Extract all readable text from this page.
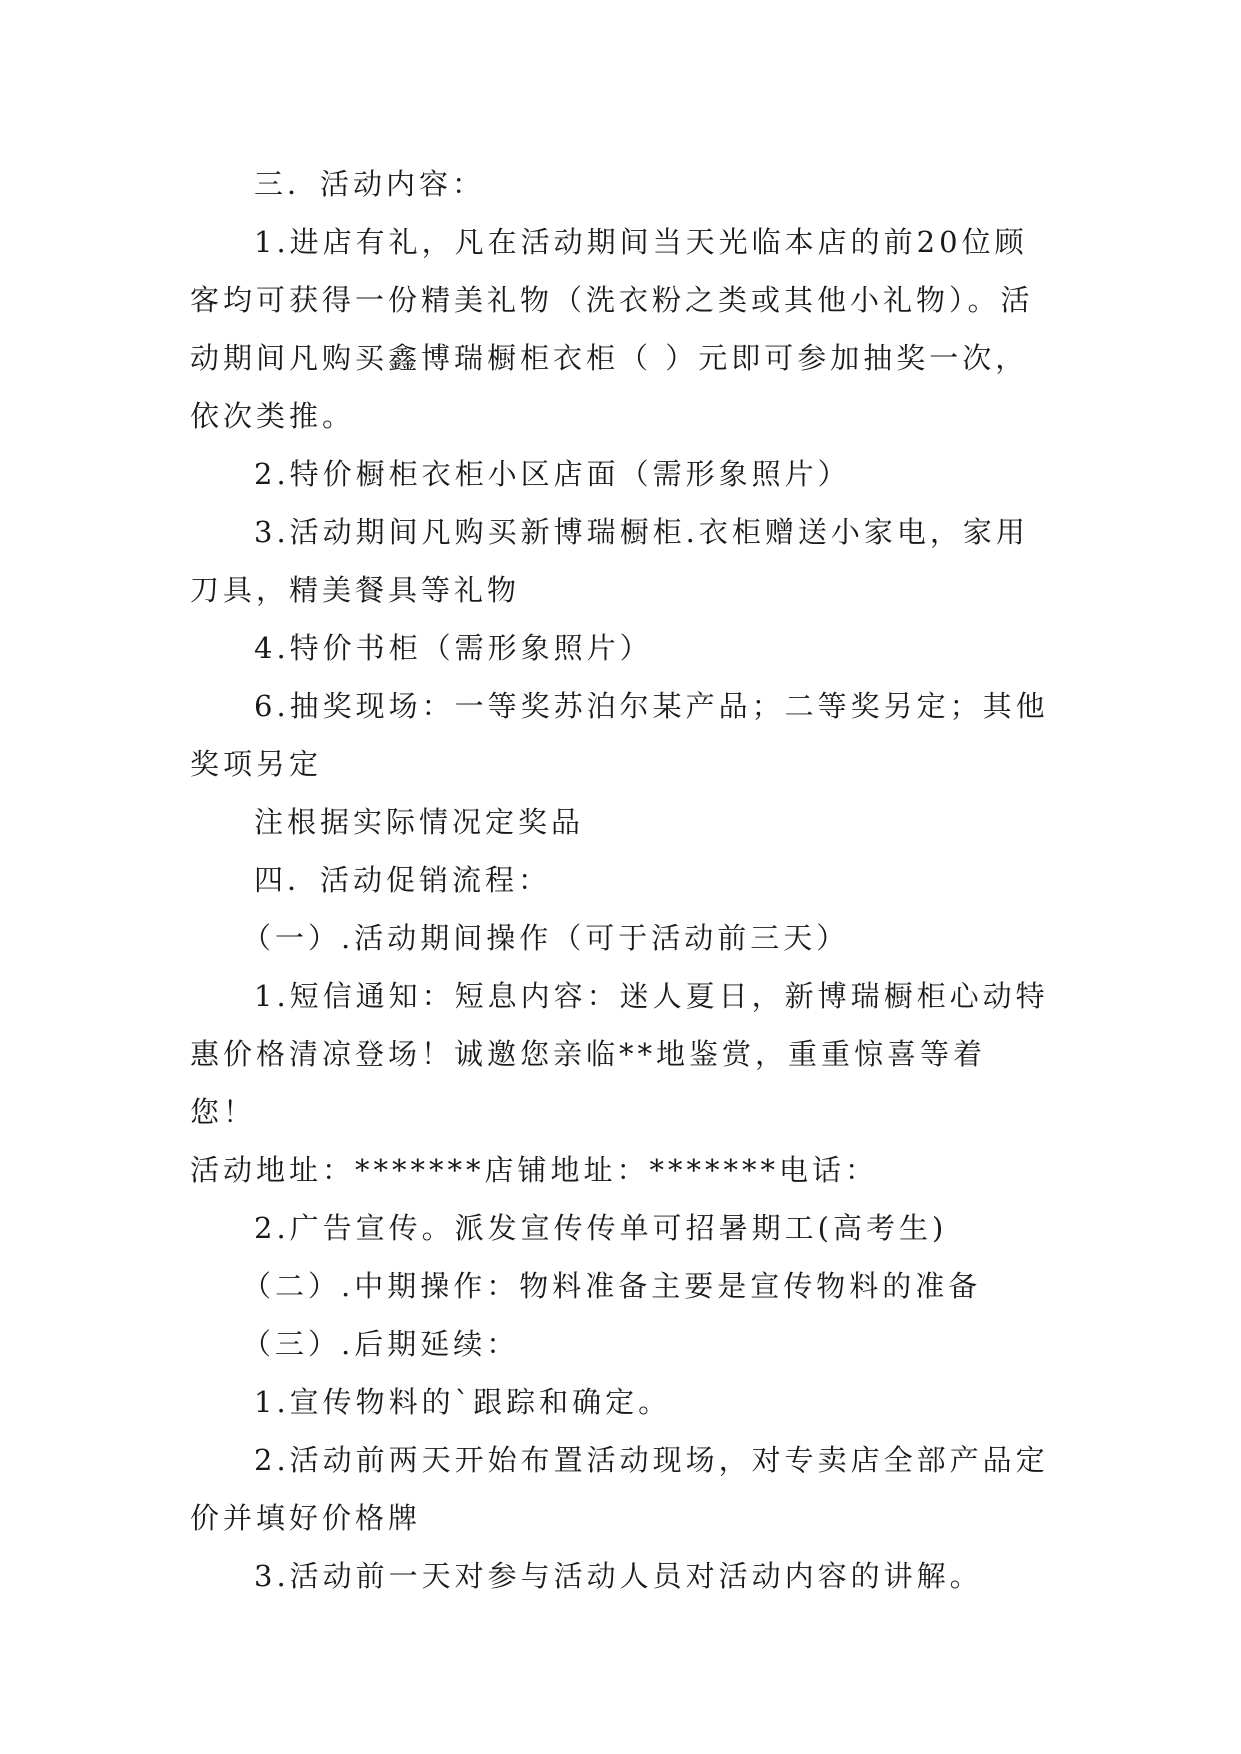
三．活动内容：

1.进店有礼，凡在活动期间当天光临本店的前20位顾
客均可获得一份精美礼物（洗衣粉之类或其他小礼物）。活
动期间凡购买鑫博瑞橱柜衣柜（ ）元即可参加抽奖一次，
依次类推。

2.特价橱柜衣柜小区店面（需形象照片）

3.活动期间凡购买新博瑞橱柜.衣柜赠送小家电，家用
刀具，精美餐具等礼物

4.特价书柜（需形象照片）

6.抽奖现场：一等奖苏泊尔某产品；二等奖另定；其他
奖项另定

注根据实际情况定奖品

四．活动促销流程：

（一）.活动期间操作（可于活动前三天）

1.短信通知：短息内容：迷人夏日，新博瑞橱柜心动特
惠价格清凉登场！诚邀您亲临**地鉴赏，重重惊喜等着您！
活动地址：*******店铺地址：*******电话：

2.广告宣传。派发宣传传单可招暑期工(高考生)

（二）.中期操作：物料准备主要是宣传物料的准备

（三）.后期延续：

1.宣传物料的`跟踪和确定。

2.活动前两天开始布置活动现场，对专卖店全部产品定
价并填好价格牌

3.活动前一天对参与活动人员对活动内容的讲解。
